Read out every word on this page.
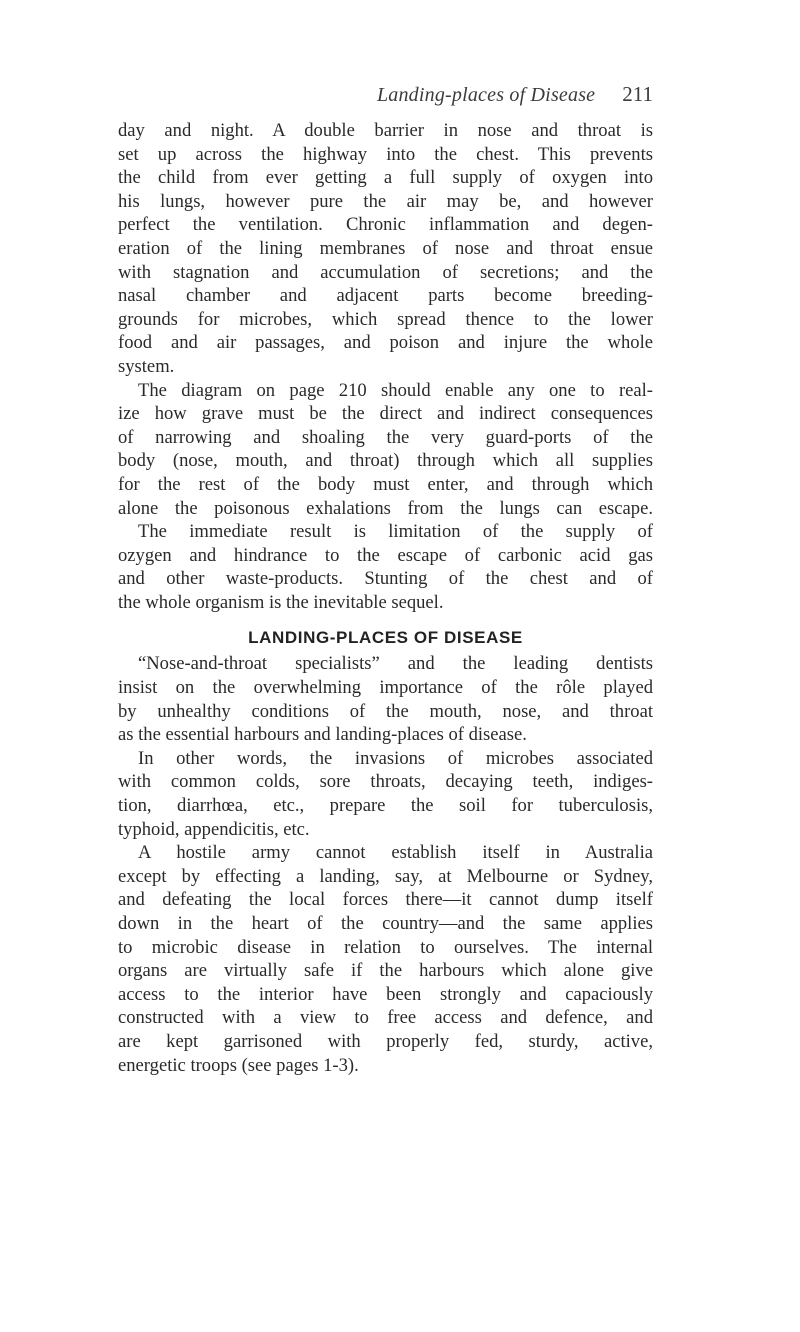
Landing-places of Disease 211
day and night. A double barrier in nose and throat is
set up across the highway into the chest. This prevents
the child from ever getting a full supply of oxygen into
his lungs, however pure the air may be, and however
perfect the ventilation. Chronic inflammation and degen-
eration of the lining membranes of nose and throat ensue
with stagnation and accumulation of secretions; and the
nasal chamber and adjacent parts become breeding-
grounds for microbes, which spread thence to the lower
food and air passages, and poison and injure the whole
system.
The diagram on page 210 should enable any one to real-
ize how grave must be the direct and indirect consequences
of narrowing and shoaling the very guard-ports of the
body (nose, mouth, and throat) through which all supplies
for the rest of the body must enter, and through which
alone the poisonous exhalations from the lungs can escape.
The immediate result is limitation of the supply of
ozygen and hindrance to the escape of carbonic acid gas
and other waste-products. Stunting of the chest and of
the whole organism is the inevitable sequel.
LANDING-PLACES OF DISEASE
“Nose-and-throat specialists” and the leading dentists
insist on the overwhelming importance of the rôle played
by unhealthy conditions of the mouth, nose, and throat
as the essential harbours and landing-places of disease.
In other words, the invasions of microbes associated
with common colds, sore throats, decaying teeth, indiges-
tion, diarrhœa, etc., prepare the soil for tuberculosis,
typhoid, appendicitis, etc.
A hostile army cannot establish itself in Australia
except by effecting a landing, say, at Melbourne or Sydney,
and defeating the local forces there—it cannot dump itself
down in the heart of the country—and the same applies
to microbic disease in relation to ourselves. The internal
organs are virtually safe if the harbours which alone give
access to the interior have been strongly and capaciously
constructed with a view to free access and defence, and
are kept garrisoned with properly fed, sturdy, active,
energetic troops (see pages 1-3).
